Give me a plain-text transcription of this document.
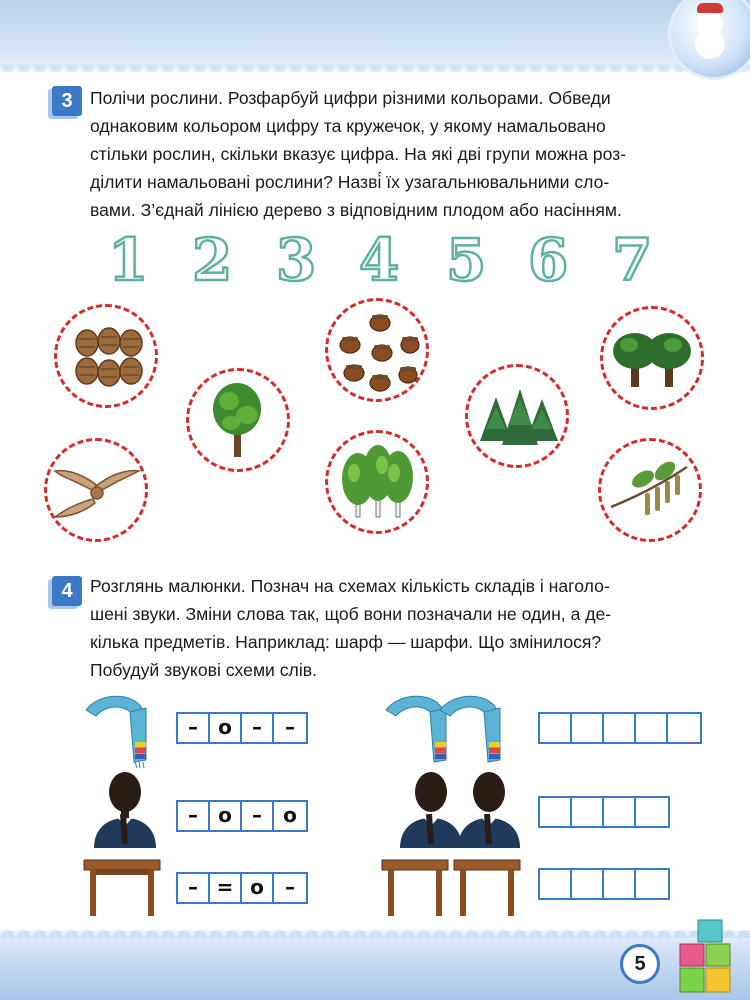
3 Полічи рослини. Розфарбуй цифри різними кольорами. Обведи

однаковим кольором цифру та кружечок, у якому намальовано

стільки рослин, скільки вказує цифра. На які дві групи можна роз-

ділити намальовані рослини? Назві́ їх узагальнювальними сло-

вами. З’єднай лінією дерево з відповідним плодом або насінням.

1 2 3 4 5 6 7
4 Розглянь малюнки. Познач на схемах кількість складів і наголо-

шені звуки. Зміни слова так, щоб вони позначали не один, а де-

кілька предметів. Наприклад: шарф — шарфи. Що змінилося?

Побудуй звукові схеми слів.

–	о	–	–
–	о	–	о
– = о	–
5
